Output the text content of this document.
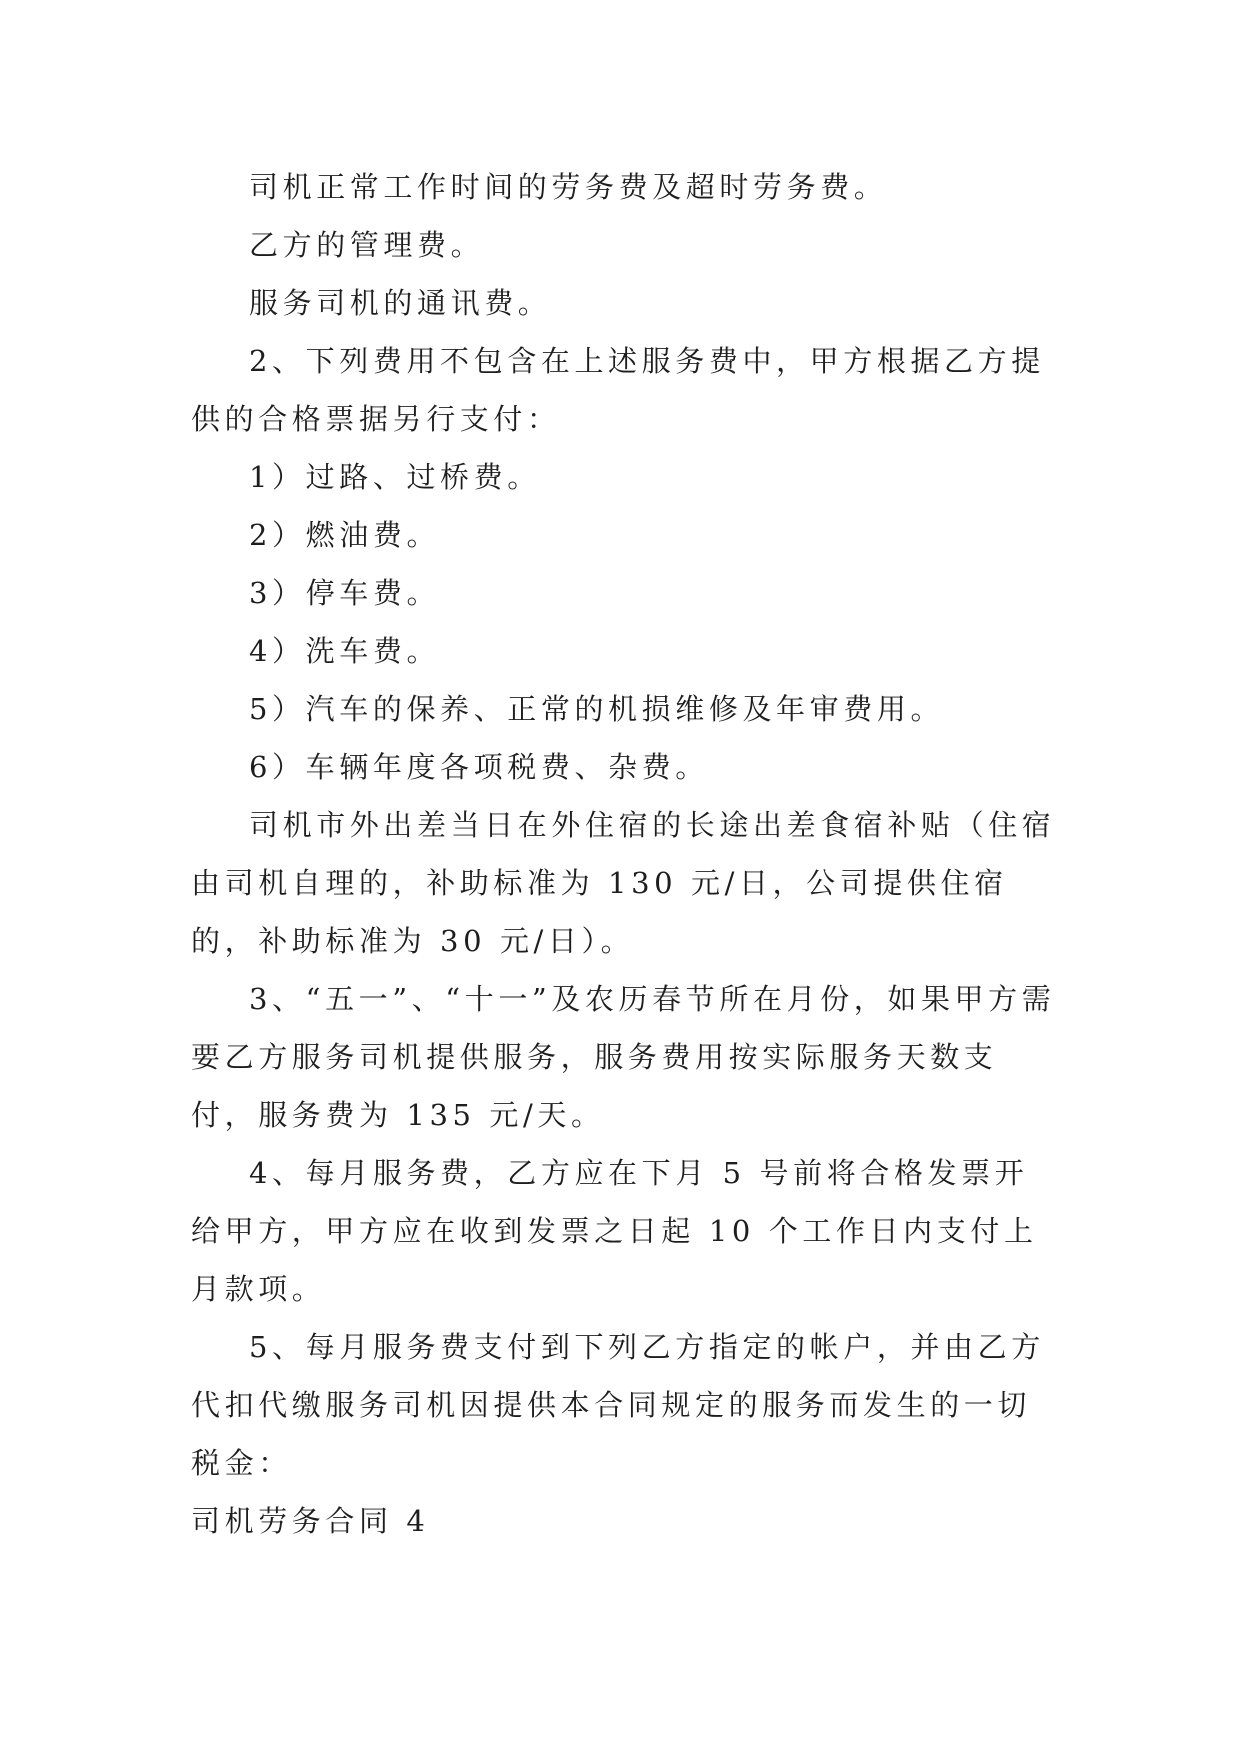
司机正常工作时间的劳务费及超时劳务费。

乙方的管理费。

服务司机的通讯费。

2、下列费用不包含在上述服务费中，甲方根据乙方提供的合格票据另行支付：

1）过路、过桥费。

2）燃油费。

3）停车费。

4）洗车费。

5）汽车的保养、正常的机损维修及年审费用。

6）车辆年度各项税费、杂费。

司机市外出差当日在外住宿的长途出差食宿补贴（住宿由司机自理的，补助标准为 130 元/日，公司提供住宿的，补助标准为 30 元/日）。

3、“五一”、“十一”及农历春节所在月份，如果甲方需要乙方服务司机提供服务，服务费用按实际服务天数支付，服务费为 135 元/天。

4、每月服务费，乙方应在下月 5 号前将合格发票开给甲方，甲方应在收到发票之日起 10 个工作日内支付上月款项。

5、每月服务费支付到下列乙方指定的帐户，并由乙方代扣代缴服务司机因提供本合同规定的服务而发生的一切税金：

司机劳务合同 4
